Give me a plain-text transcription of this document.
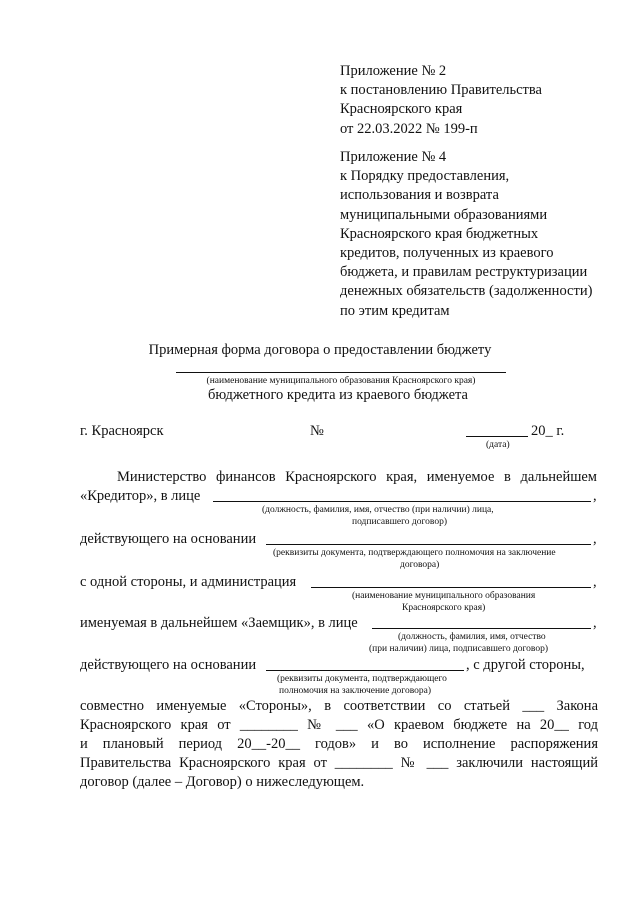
Приложение № 2
к постановлению Правительства
Красноярского края
от 22.03.2022 № 199-п
Приложение № 4
к Порядку предоставления,
использования и возврата
муниципальными образованиями
Красноярского края бюджетных
кредитов, полученных из краевого
бюджета, и правилам реструктуризации
денежных обязательств (задолженности)
по этим кредитам
Примерная форма договора о предоставлении бюджету
(наименование муниципального образования Красноярского края)
бюджетного кредита из краевого бюджета
г. Красноярск	№	20_ г.
(дата)
Министерство финансов Красноярского края, именуемое в дальнейшем
«Кредитор», в лице	,
(должность, фамилия, имя, отчество (при наличии) лица,
подписавшего договор)
действующего на основании	,
(реквизиты документа, подтверждающего полномочия на заключение
договора)
с одной стороны, и администрация	,
(наименование муниципального образования
Красноярского края)
именуемая в дальнейшем «Заемщик», в лице	,
(должность, фамилия, имя, отчество
(при наличии) лица, подписавшего договор)
действующего на основании	, с другой стороны,
(реквизиты документа, подтверждающего
полномочия на заключение договора)
совместно именуемые «Стороны», в соответствии со статьей ___ Закона
Красноярского края от ________ № ___ «О краевом бюджете на 20__ год
и плановый период 20__-20__ годов» и во исполнение распоряжения
Правительства Красноярского края от ________ № ___ заключили настоящий
договор (далее – Договор) о нижеследующем.
